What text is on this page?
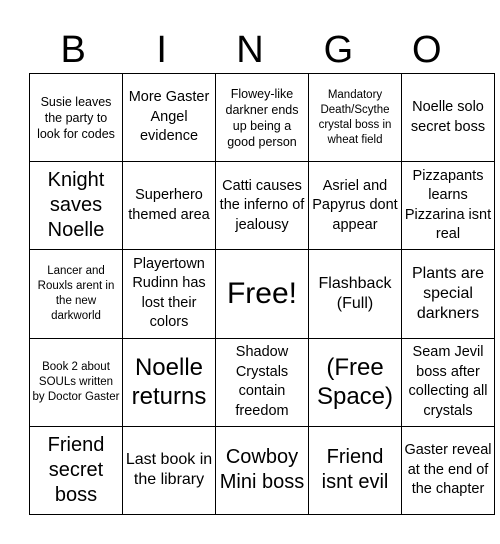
B	I	N	G	O
Susie leaves the party to look for codes	More Gaster Angel evidence	Flowey-like darkner ends up being a good person	Mandatory Death/Scythe crystal boss in wheat field	Noelle solo secret boss

Knight saves Noelle	Superhero themed area	Catti causes the inferno of jealousy	Asriel and Papyrus dont appear	Pizzapants learns Pizzarina isnt real

Lancer and Rouxls arent in the new darkworld	Playertown Rudinn has lost their colors	Free!	Flashback (Full)	Plants are special darkners

Book 2 about SOULs written by Doctor Gaster	Noelle returns	Shadow Crystals contain freedom	(Free Space)	Seam Jevil boss after collecting all crystals

Friend secret boss	Last book in the library	Cowboy Mini boss	Friend isnt evil	Gaster reveal at the end of the chapter
